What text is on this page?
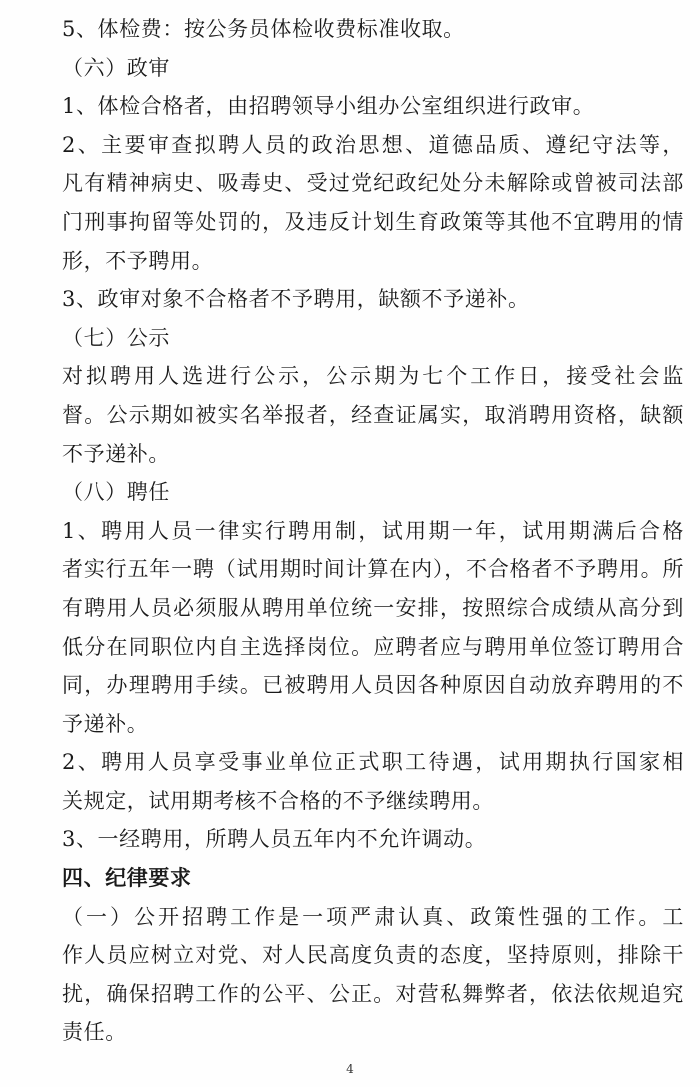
5、体检费：按公务员体检收费标准收取。
（六）政审
1、体检合格者，由招聘领导小组办公室组织进行政审。
2、主要审查拟聘人员的政治思想、道德品质、遵纪守法等，
凡有精神病史、吸毒史、受过党纪政纪处分未解除或曾被司法部
门刑事拘留等处罚的，及违反计划生育政策等其他不宜聘用的情
形，不予聘用。
3、政审对象不合格者不予聘用，缺额不予递补。
（七）公示
对拟聘用人选进行公示，公示期为七个工作日，接受社会监
督。公示期如被实名举报者，经查证属实，取消聘用资格，缺额
不予递补。
（八）聘任
1、聘用人员一律实行聘用制，试用期一年，试用期满后合格
者实行五年一聘（试用期时间计算在内），不合格者不予聘用。所
有聘用人员必须服从聘用单位统一安排，按照综合成绩从高分到
低分在同职位内自主选择岗位。应聘者应与聘用单位签订聘用合
同，办理聘用手续。已被聘用人员因各种原因自动放弃聘用的不
予递补。
2、聘用人员享受事业单位正式职工待遇，试用期执行国家相
关规定，试用期考核不合格的不予继续聘用。
3、一经聘用，所聘人员五年内不允许调动。
四、纪律要求
（一）公开招聘工作是一项严肃认真、政策性强的工作。工
作人员应树立对党、对人民高度负责的态度，坚持原则，排除干
扰，确保招聘工作的公平、公正。对营私舞弊者，依法依规追究
责任。
4
